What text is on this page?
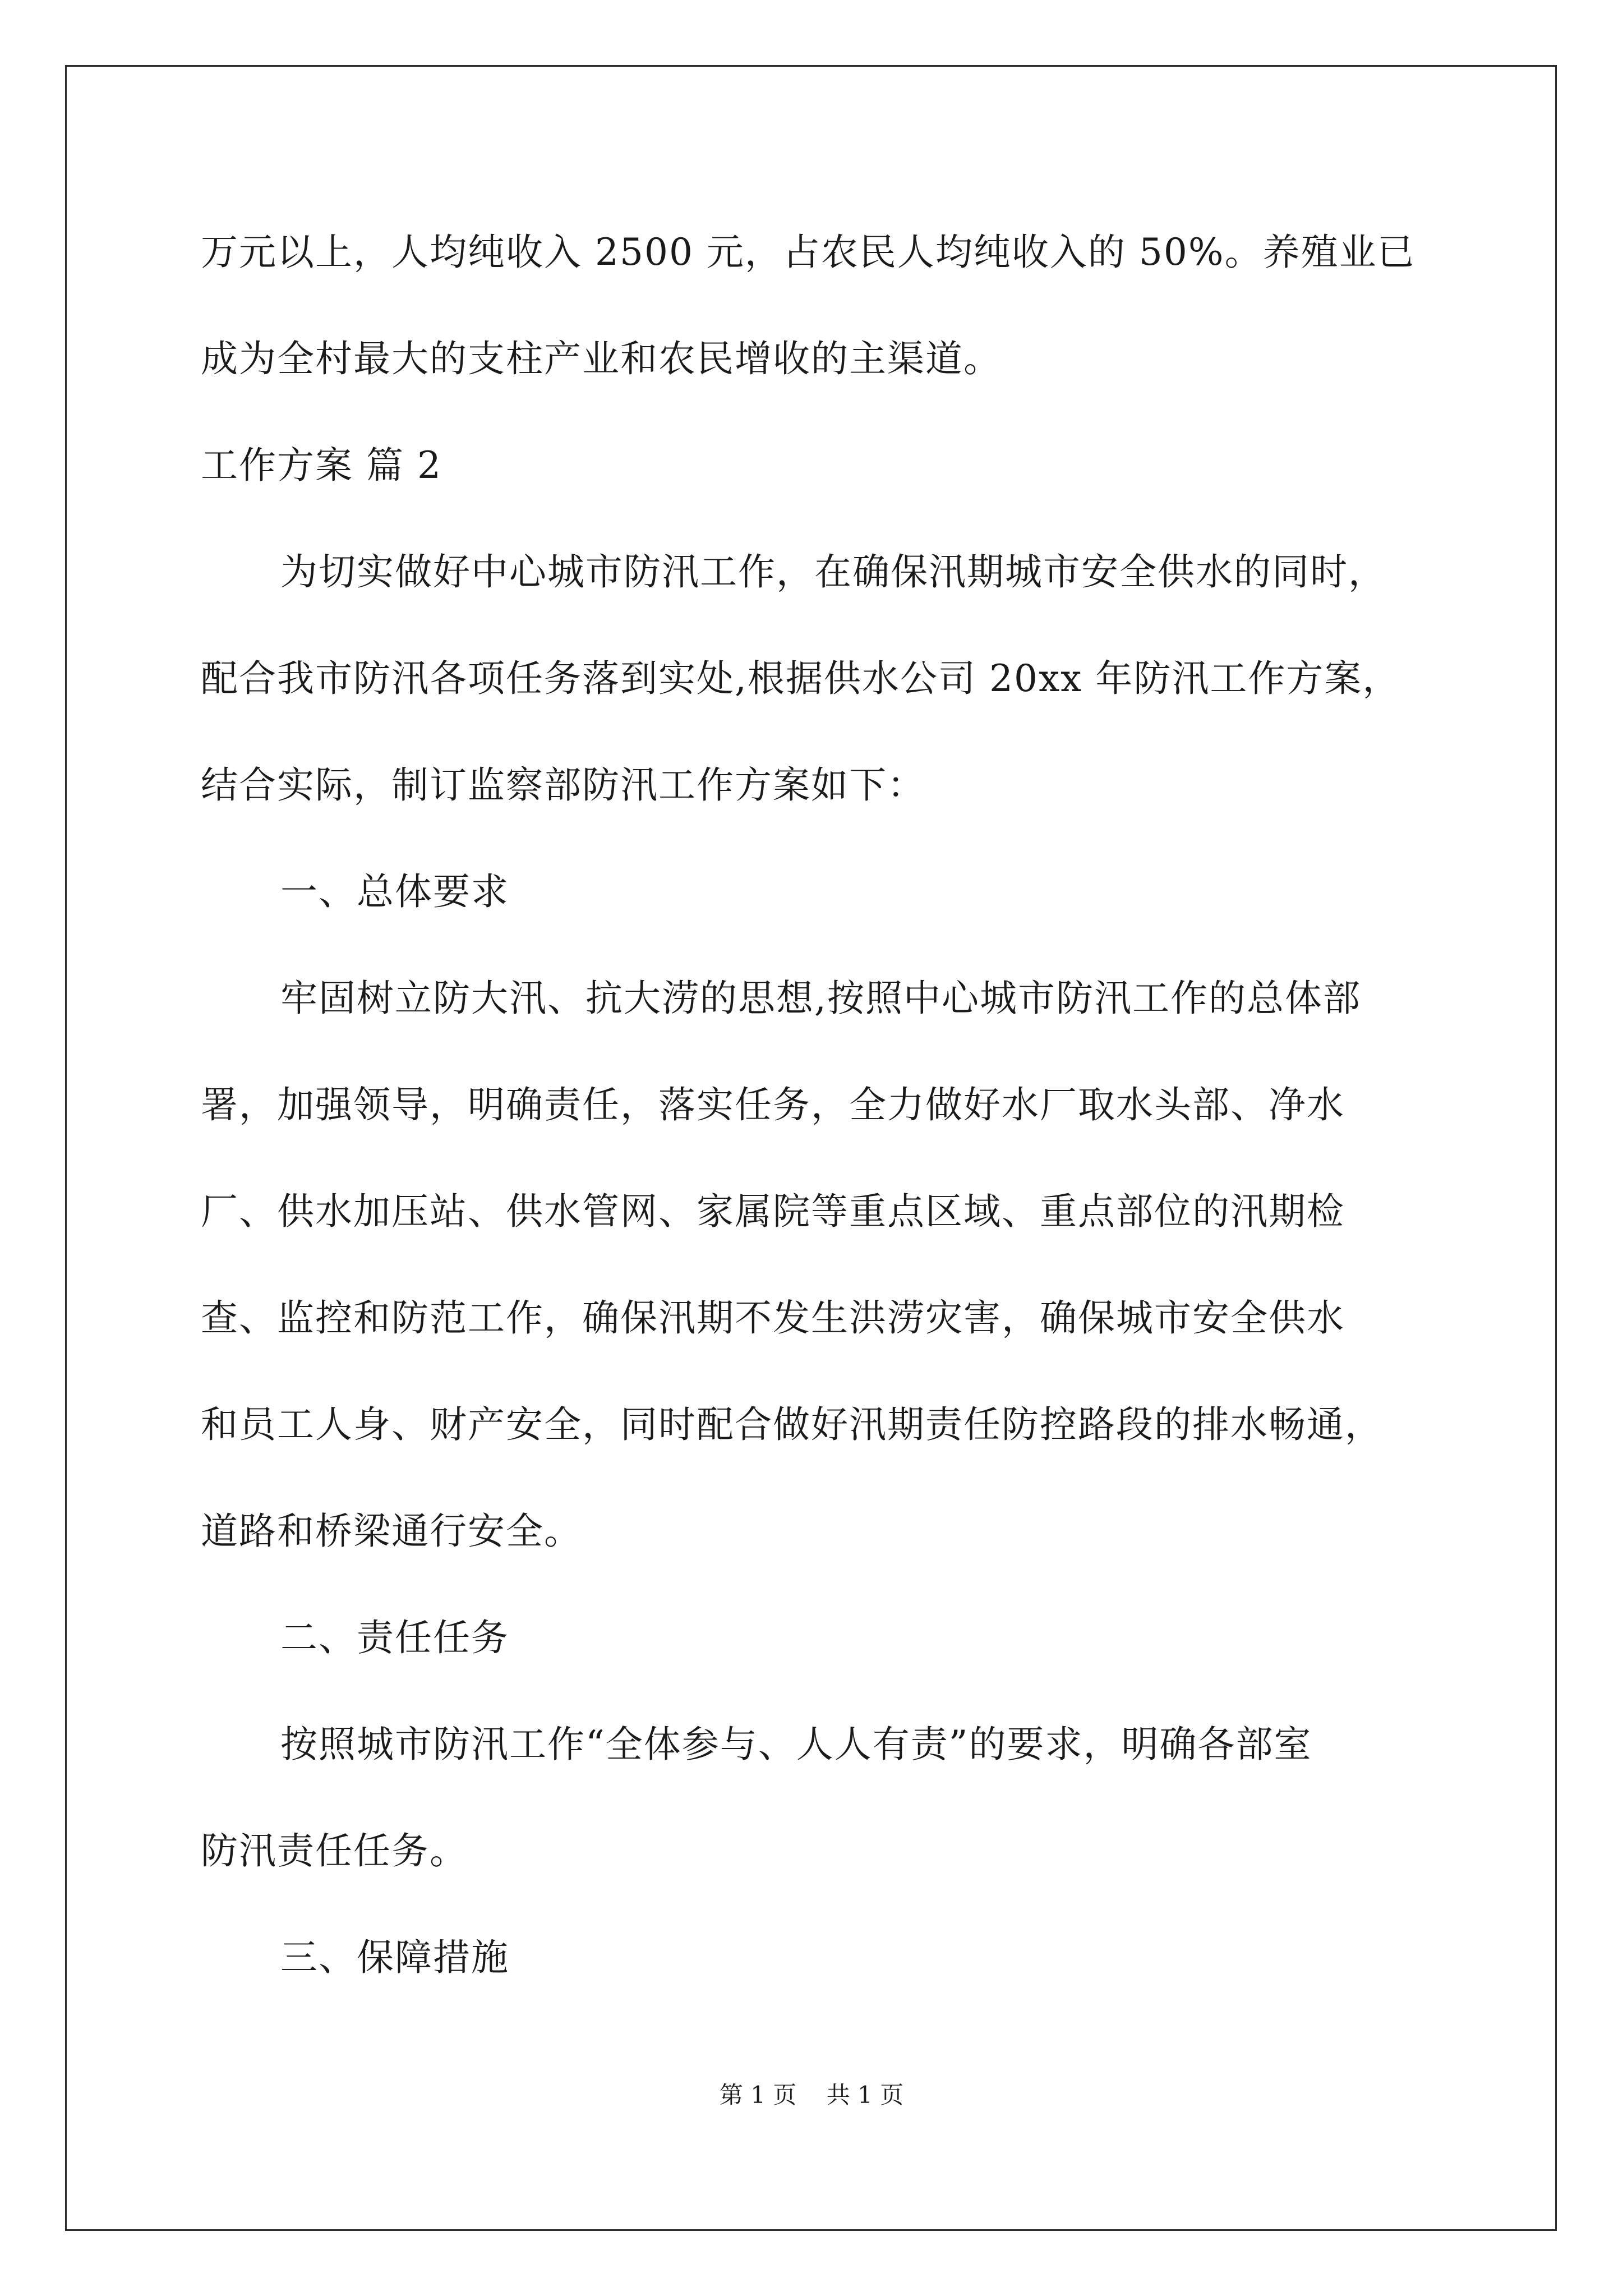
万元以上，人均纯收入 2500 元，占农民人均纯收入的 50%。养殖业已
成为全村最大的支柱产业和农民增收的主渠道。
工作方案 篇 2
为切实做好中心城市防汛工作，在确保汛期城市安全供水的同时，
配合我市防汛各项任务落到实处,根据供水公司 20xx 年防汛工作方案，
结合实际，制订监察部防汛工作方案如下：
一、总体要求
牢固树立防大汛、抗大涝的思想,按照中心城市防汛工作的总体部
署，加强领导，明确责任，落实任务，全力做好水厂取水头部、净水
厂、供水加压站、供水管网、家属院等重点区域、重点部位的汛期检
查、监控和防范工作，确保汛期不发生洪涝灾害，确保城市安全供水
和员工人身、财产安全，同时配合做好汛期责任防控路段的排水畅通，
道路和桥梁通行安全。
二、责任任务
按照城市防汛工作“全体参与、人人有责”的要求，明确各部室
防汛责任任务。
三、保障措施
第 1 页    共 1 页
